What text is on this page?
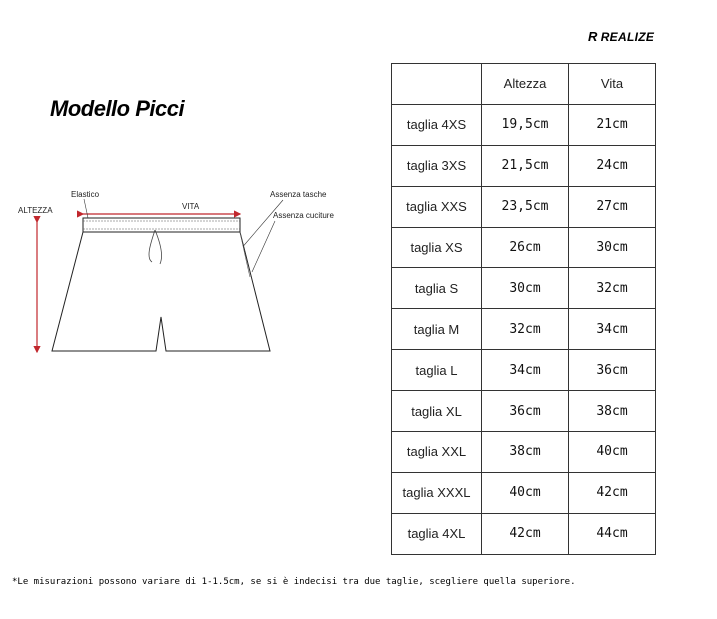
R REALIZE
Modello Picci
ALTEZZA	VITA
Elastico	Assenza tasche
Assenza cuciture
	Altezza	Vita
taglia 4XS	19,5cm	21cm
taglia 3XS	21,5cm	24cm
taglia XXS	23,5cm	27cm
taglia XS	26cm	30cm
taglia S	30cm	32cm
taglia M	32cm	34cm
taglia L	34cm	36cm
taglia XL	36cm	38cm
taglia XXL	38cm	40cm
taglia XXXL	40cm	42cm
taglia 4XL	42cm	44cm
*Le misurazioni possono variare di 1-1.5cm, se si è indecisi tra due taglie, scegliere quella superiore.
